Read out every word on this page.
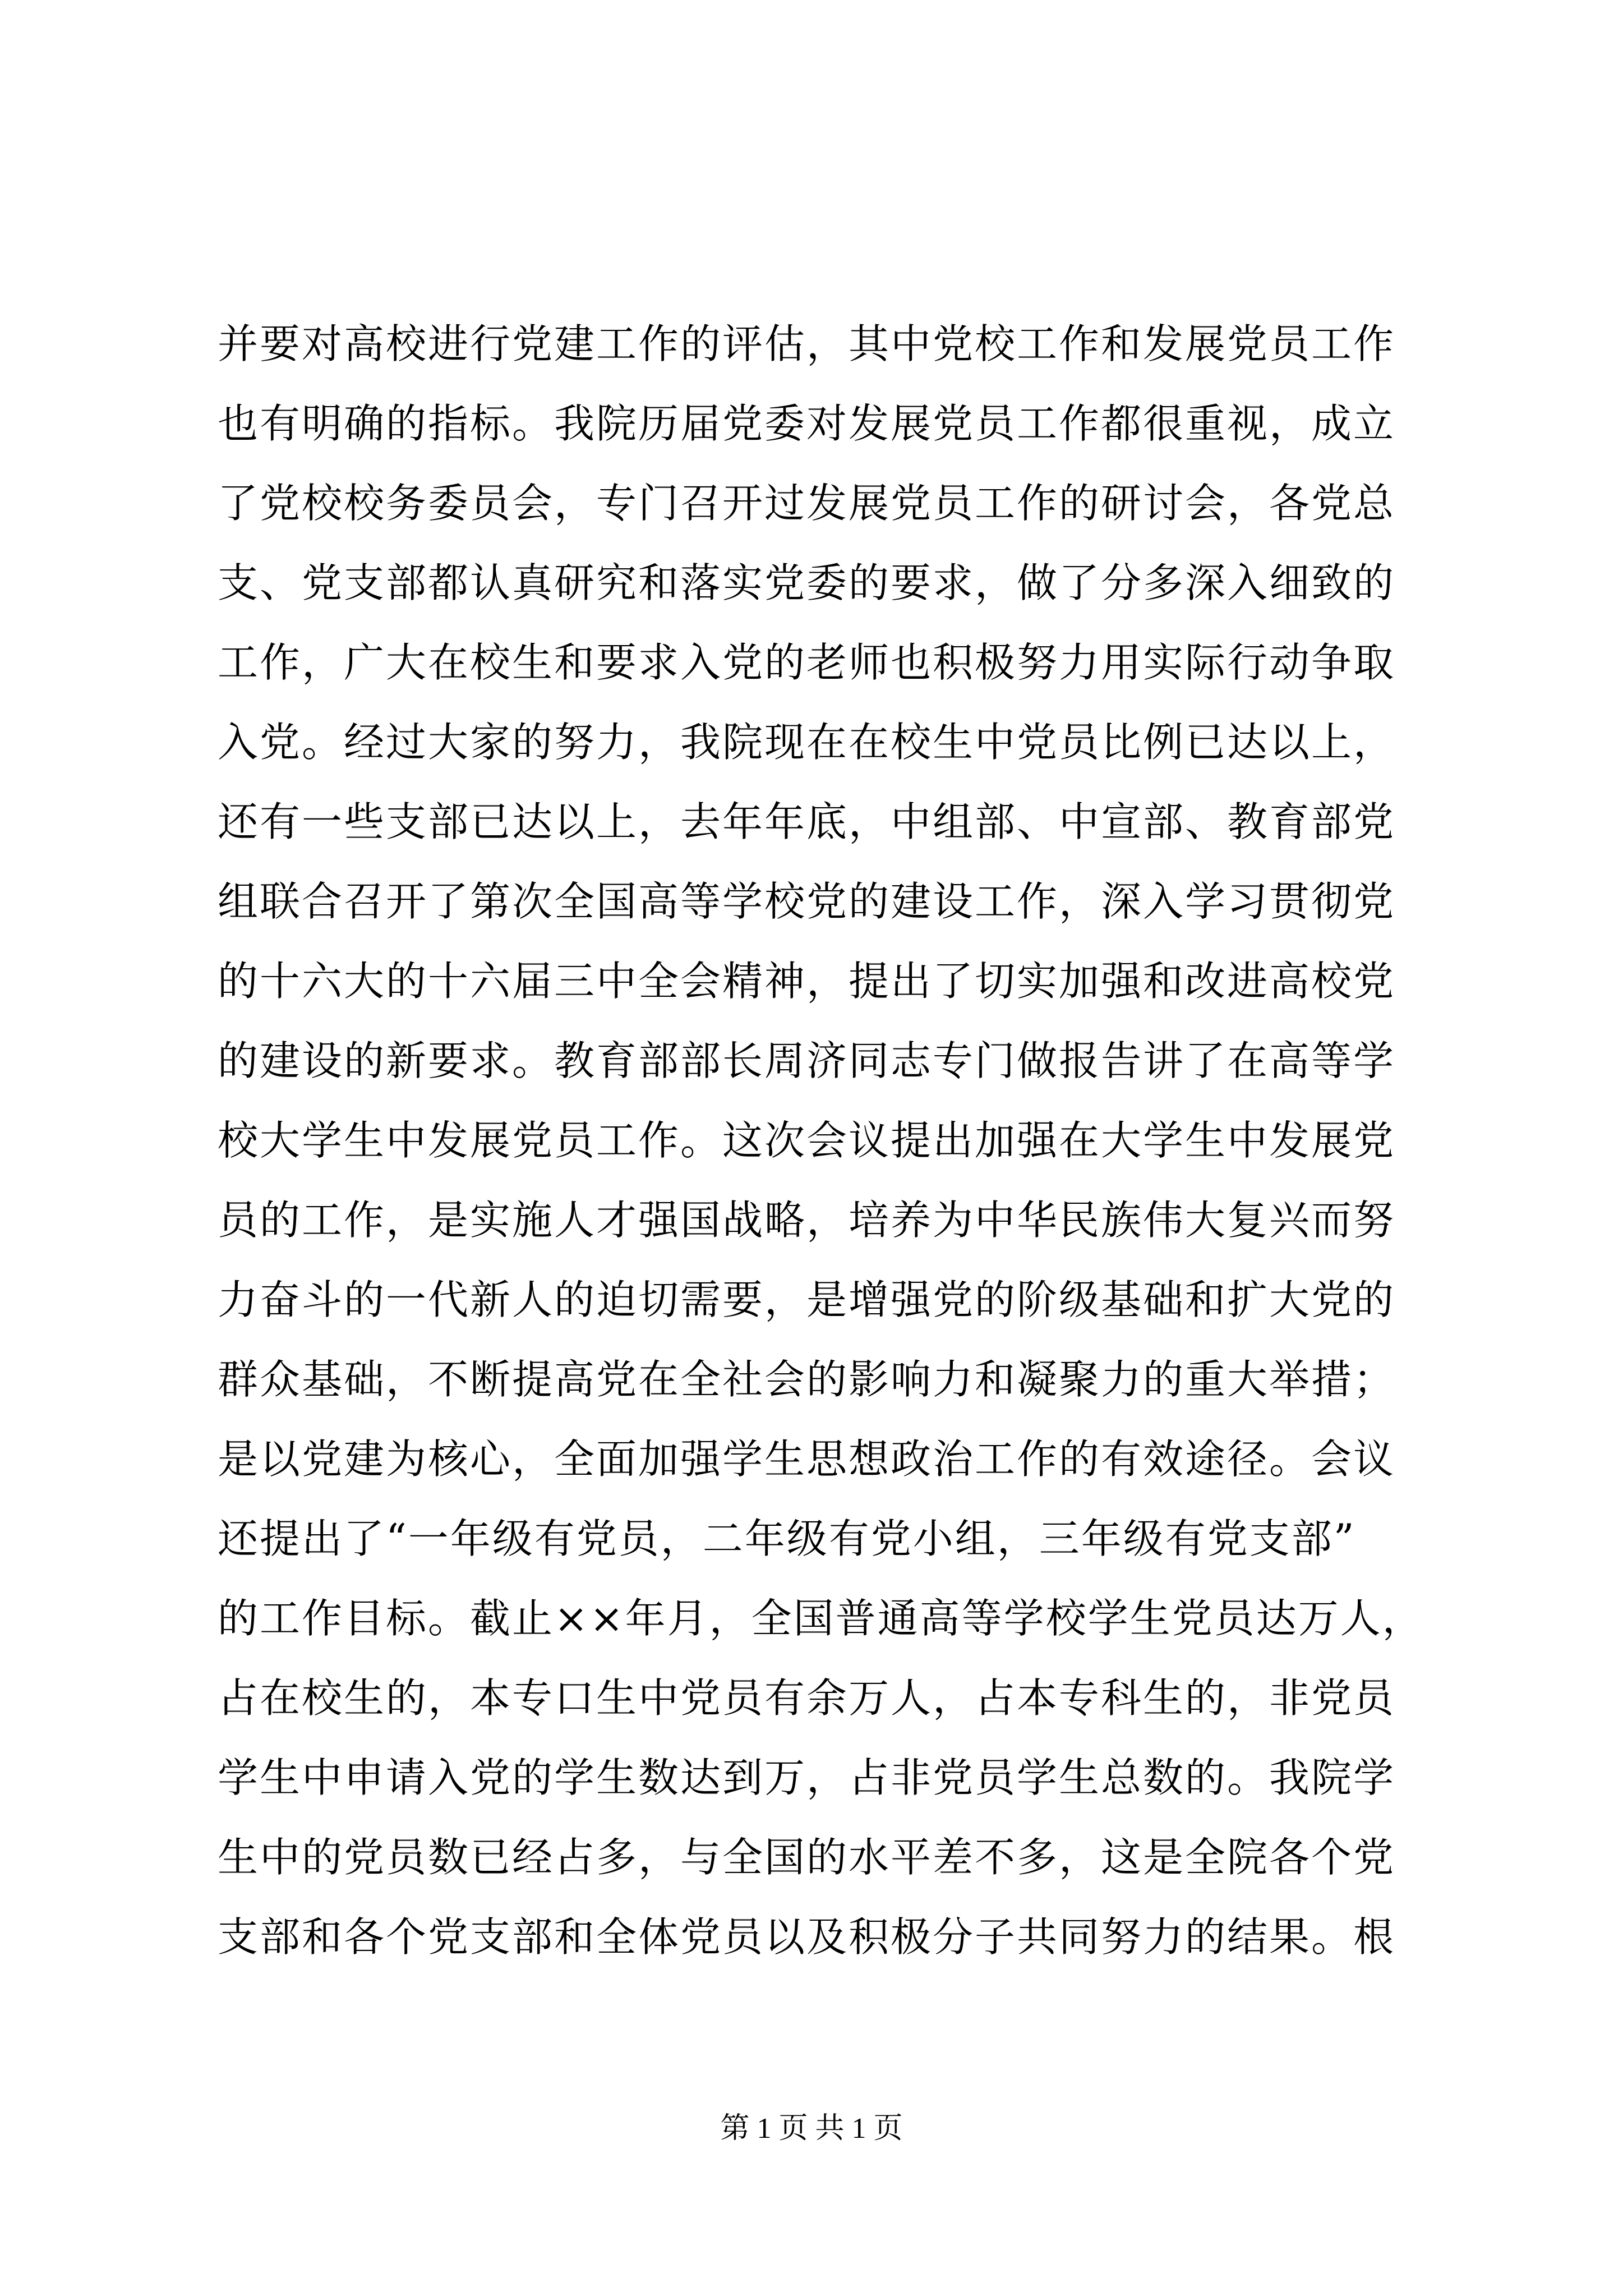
并要对高校进行党建工作的评估，其中党校工作和发展党员工作
也有明确的指标。我院历届党委对发展党员工作都很重视，成立
了党校校务委员会，专门召开过发展党员工作的研讨会，各党总
支、党支部都认真研究和落实党委的要求，做了分多深入细致的
工作，广大在校生和要求入党的老师也积极努力用实际行动争取
入党。经过大家的努力，我院现在在校生中党员比例已达以上，
还有一些支部已达以上，去年年底，中组部、中宣部、教育部党
组联合召开了第次全国高等学校党的建设工作，深入学习贯彻党
的十六大的十六届三中全会精神，提出了切实加强和改进高校党
的建设的新要求。教育部部长周济同志专门做报告讲了在高等学
校大学生中发展党员工作。这次会议提出加强在大学生中发展党
员的工作，是实施人才强国战略，培养为中华民族伟大复兴而努
力奋斗的一代新人的迫切需要，是增强党的阶级基础和扩大党的
群众基础，不断提高党在全社会的影响力和凝聚力的重大举措；
是以党建为核心，全面加强学生思想政治工作的有效途径。会议
还提出了“一年级有党员，二年级有党小组，三年级有党支部”
的工作目标。截止××年月，全国普通高等学校学生党员达万人，
占在校生的，本专口生中党员有余万人，占本专科生的，非党员
学生中申请入党的学生数达到万，占非党员学生总数的。我院学
生中的党员数已经占多，与全国的水平差不多，这是全院各个党
支部和各个党支部和全体党员以及积极分子共同努力的结果。根
第 1 页 共 1 页
